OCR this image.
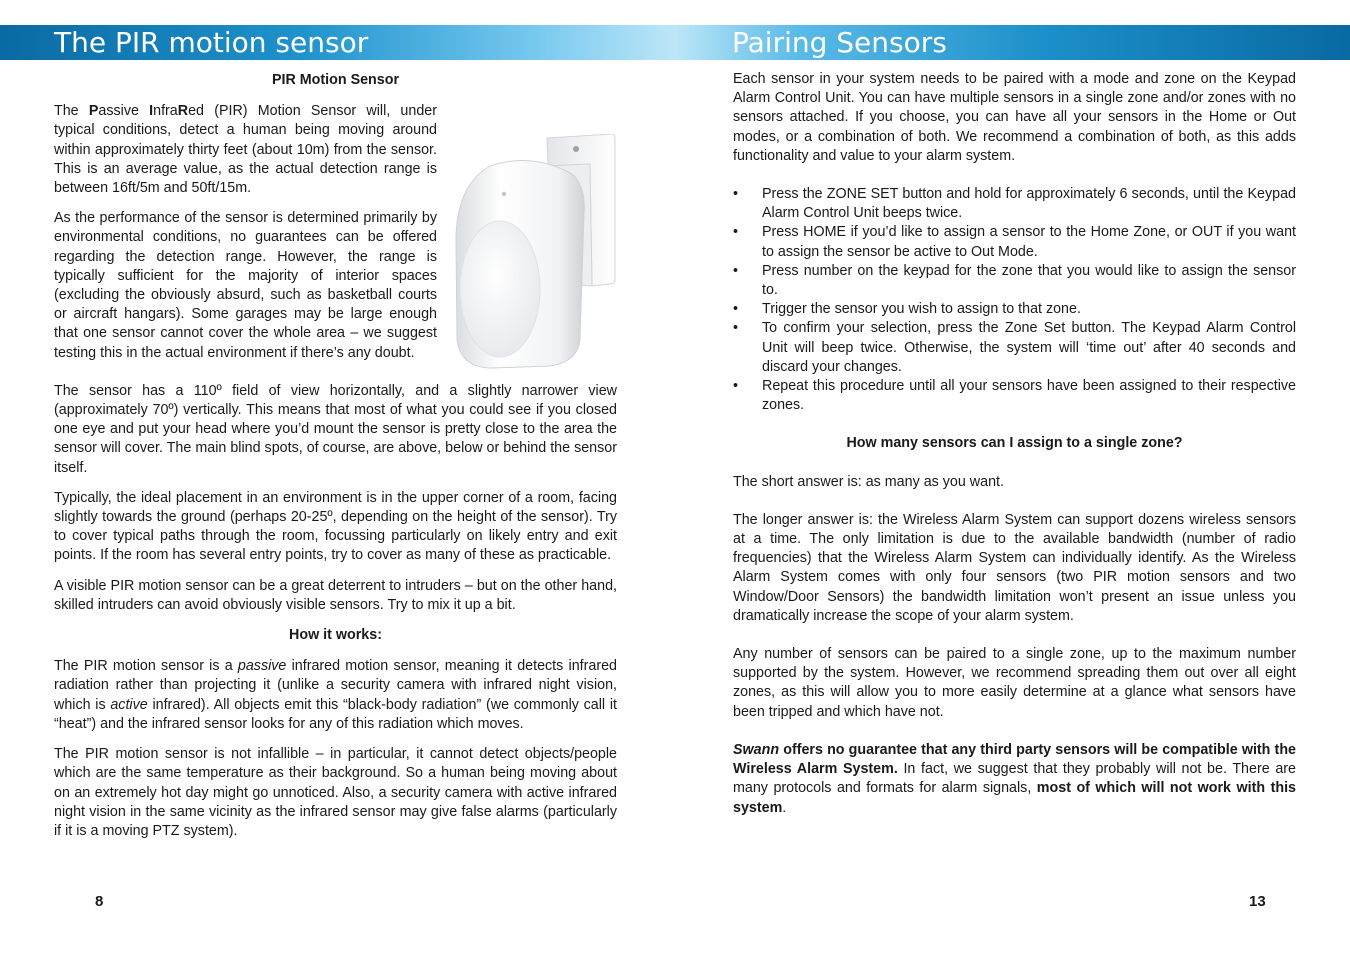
The PIR motion sensor	Pairing Sensors
PIR Motion Sensor

The Passive InfraRed (PIR) Motion Sensor will, under typical conditions, detect a human being moving around within approximately thirty feet (about 10m) from the sensor. This is an average value, as the actual detection range is between 16ft/5m and 50ft/15m.

As the performance of the sensor is determined primarily by environmental conditions, no guarantees can be offered regarding the detection range. However, the range is typically sufficient for the majority of interior spaces (excluding the obviously absurd, such as basketball courts or aircraft hangars). Some garages may be large enough that one sensor cannot cover the whole area – we suggest testing this in the actual environment if there’s any doubt.

The sensor has a 110º field of view horizontally, and a slightly narrower view (approximately 70º) vertically. This means that most of what you could see if you closed one eye and put your head where you’d mount the sensor is pretty close to the area the sensor will cover. The main blind spots, of course, are above, below or behind the sensor itself.

Typically, the ideal placement in an environment is in the upper corner of a room, facing slightly towards the ground (perhaps 20-25º, depending on the height of the sensor). Try to cover typical paths through the room, focussing particularly on likely entry and exit points. If the room has several entry points, try to cover as many of these as practicable.

A visible PIR motion sensor can be a great deterrent to intruders – but on the other hand, skilled intruders can avoid obviously visible sensors. Try to mix it up a bit.

How it works:

The PIR motion sensor is a passive infrared motion sensor, meaning it detects infrared radiation rather than projecting it (unlike a security camera with infrared night vision, which is active infrared). All objects emit this “black-body radiation” (we commonly call it “heat”) and the infrared sensor looks for any of this radiation which moves.

The PIR motion sensor is not infallible – in particular, it cannot detect objects/people which are the same temperature as their background. So a human being moving about on an extremely hot day might go unnoticed. Also, a security camera with active infrared night vision in the same vicinity as the infrared sensor may give false alarms (particularly if it is a moving PTZ system).

Each sensor in your system needs to be paired with a mode and zone on the Keypad Alarm Control Unit. You can have multiple sensors in a single zone and/or zones with no sensors attached. If you choose, you can have all your sensors in the Home or Out modes, or a combination of both. We recommend a combination of both, as this adds functionality and value to your alarm system.

• Press the ZONE SET button and hold for approximately 6 seconds, until the Keypad Alarm Control Unit beeps twice.
• Press HOME if you’d like to assign a sensor to the Home Zone, or OUT if you want to assign the sensor be active to Out Mode.
• Press number on the keypad for the zone that you would like to assign the sensor to.
• Trigger the sensor you wish to assign to that zone.
• To confirm your selection, press the Zone Set button. The Keypad Alarm Control Unit will beep twice. Otherwise, the system will ‘time out’ after 40 seconds and discard your changes.
• Repeat this procedure until all your sensors have been assigned to their respective zones.
How many sensors can I assign to a single zone?

The short answer is: as many as you want.

The longer answer is: the Wireless Alarm System can support dozens wireless sensors at a time. The only limitation is due to the available bandwidth (number of radio frequencies) that the Wireless Alarm System can individually identify. As the Wireless Alarm System comes with only four sensors (two PIR motion sensors and two Window/Door Sensors) the bandwidth limitation won’t present an issue unless you dramatically increase the scope of your alarm system.

Any number of sensors can be paired to a single zone, up to the maximum number supported by the system. However, we recommend spreading them out over all eight zones, as this will allow you to more easily determine at a glance what sensors have been tripped and which have not.

Swann offers no guarantee that any third party sensors will be compatible with the Wireless Alarm System. In fact, we suggest that they probably will not be. There are many protocols and formats for alarm signals, most of which will not work with this system.

8	13
